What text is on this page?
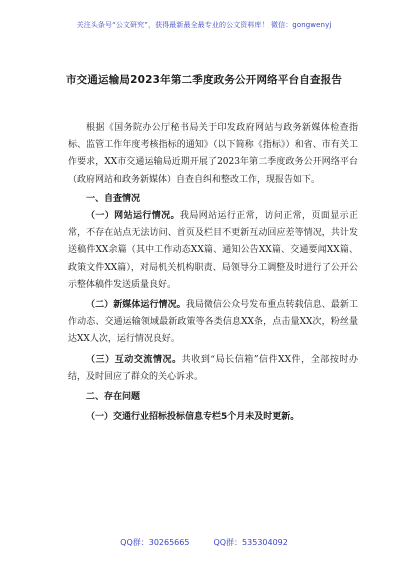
关注头条号“公文研究”，获得最新最全最专业的公文资料库！ 微信：gongwenyj
市交通运输局2023年第二季度政务公开网络平台自查报告

根据《国务院办公厅秘书局关于印发政府网站与政务新媒体检查指标、监管工作年度考核指标的通知》（以下简称《指标》）和省、市有关工作要求，XX市交通运输局近期开展了2023年第二季度政务公开网络平台（政府网站和政务新媒体）自查自纠和整改工作，现报告如下。

一、自查情况

（一）网站运行情况。我局网站运行正常，访问正常，页面显示正常，不存在站点无法访问、首页及栏目不更新互动回应差等情况，共计发送稿件XX余篇（其中工作动态XX篇、通知公告XX篇、交通要闻XX篇、政策文件XX篇），对局机关机构职责、局领导分工调整及时进行了公开公示整体稿件发送质量良好。

（二）新媒体运行情况。我局微信公众号发布重点转载信息、最新工作动态、交通运输领域最新政策等各类信息XX条，点击量XX次，粉丝量达XX人次，运行情况良好。

（三）互动交流情况。共收到“局长信箱”信件XX件，全部按时办结，及时回应了群众的关心诉求。

二、存在问题

（一）交通行业招标投标信息专栏5个月未及时更新。

QQ群：30265665	QQ群：535304092
